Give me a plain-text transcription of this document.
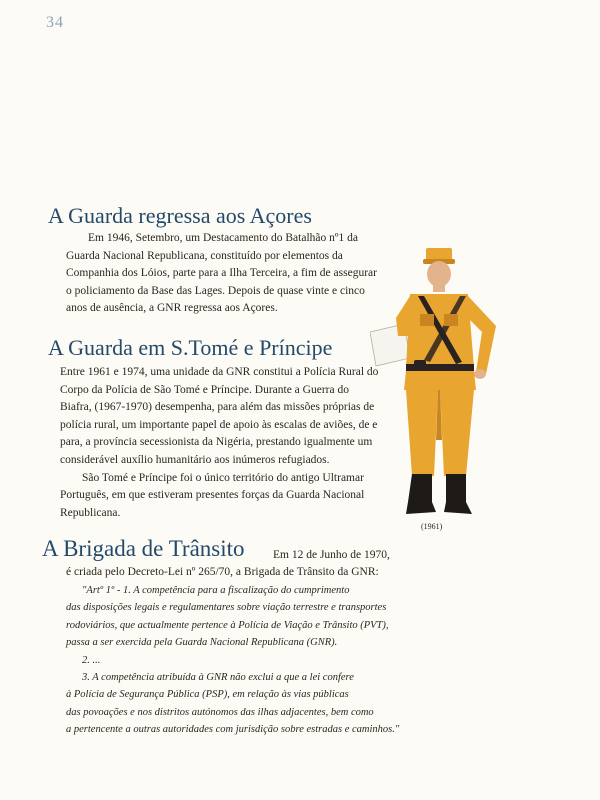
34
A Guarda regressa aos Açores
Em 1946, Setembro, um Destacamento do Batalhão nº1 da
Guarda Nacional Republicana, constituído por elementos da
Companhia dos Lóios, parte para a Ilha Terceira, a fim de assegurar
o policiamento da Base das Lages. Depois de quase vinte e cinco
anos de ausência, a GNR regressa aos Açores.
A Guarda em S.Tomé e Príncipe
Entre 1961 e 1974, uma unidade da GNR constitui a Polícia Rural do
Corpo da Polícia de São Tomé e Príncipe. Durante a Guerra do
Biafra, (1967-1970) desempenha, para além das missões próprias de
polícia rural, um importante papel de apoio às escalas de aviões, de e
para, a província secessionista da Nigéria, prestando igualmente um
considerável auxílio humanitário aos inúmeros refugiados.
São Tomé e Príncipe foi o único território do antigo Ultramar
Português, em que estiveram presentes forças da Guarda Nacional
Republicana.
A Brigada de Trânsito Em 12 de Junho de 1970,
é criada pelo Decreto-Lei nº 265/70, a Brigada de Trânsito da GNR:
"Artº 1º - 1. A competência para a fiscalização do cumprimento
das disposições legais e regulamentares sobre viação terrestre e transportes
rodoviários, que actualmente pertence à Polícia de Viação e Trânsito (PVT),
passa a ser exercida pela Guarda Nacional Republicana (GNR).
2. ...
3. A competência atribuída à GNR não exclui a que a lei confere
à Polícia de Segurança Pública (PSP), em relação às vias públicas
das povoações e nos distritos autónomos das ilhas adjacentes, bem como
a pertencente a outras autoridades com jurisdição sobre estradas e caminhos."
(1961)
